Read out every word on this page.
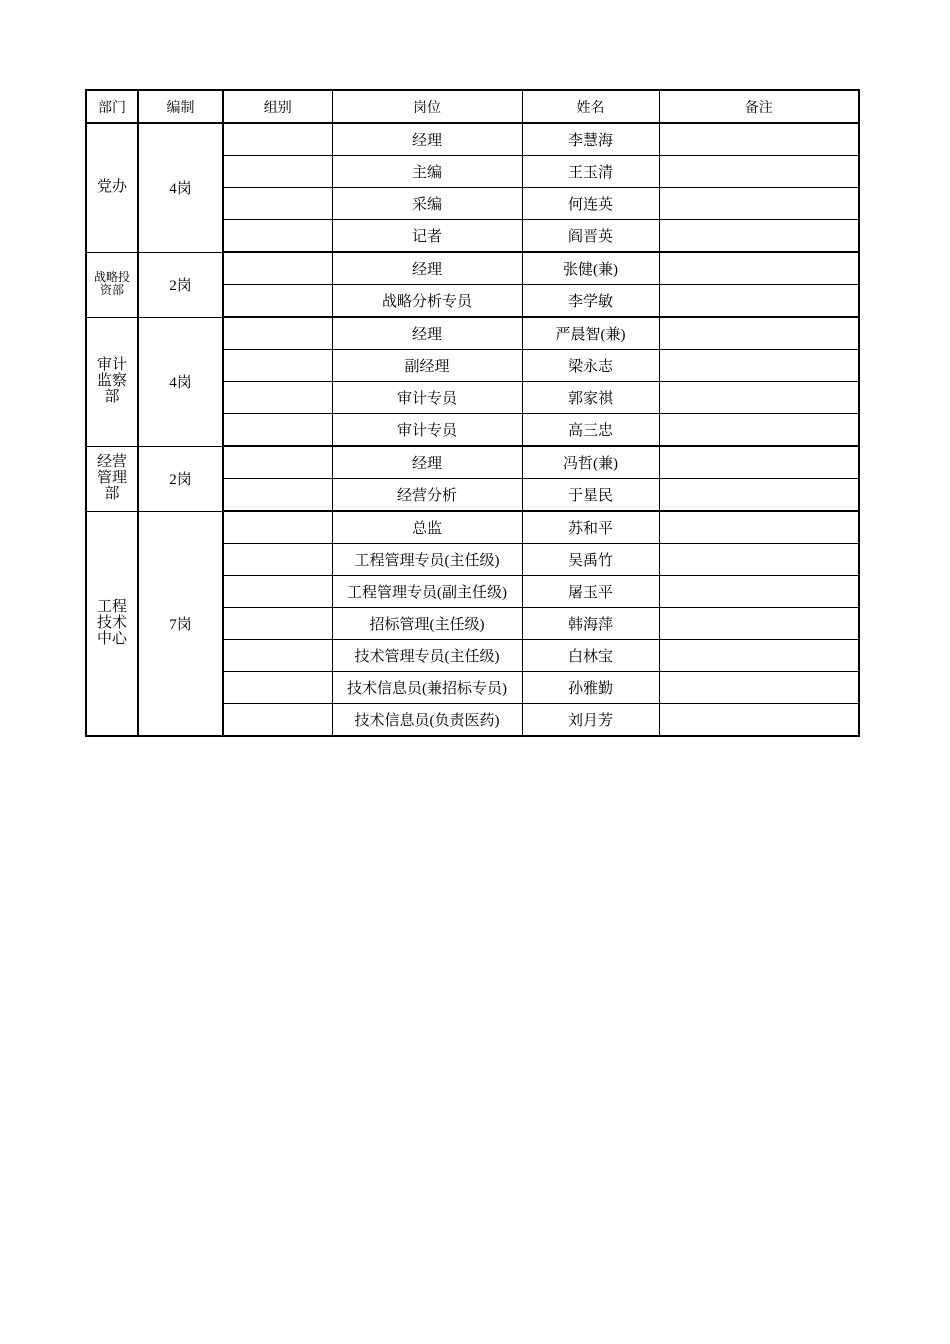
部门	编制	组别	岗位	姓名	备注
党办	4岗		经理	李慧海	
			主编	王玉清	
			采编	何连英	
			记者	阎晋英	
战略投资部	2岗		经理	张健(兼)	
			战略分析专员	李学敏	
审计监察部	4岗		经理	严晨智(兼)	
			副经理	梁永志	
			审计专员	郭家祺	
			审计专员	高三忠	
经营管理部	2岗		经理	冯哲(兼)	
			经营分析	于星民	
工程技术中心	7岗		总监	苏和平	
			工程管理专员(主任级)	吴禹竹	
			工程管理专员(副主任级)	屠玉平	
			招标管理(主任级)	韩海萍	
			技术管理专员(主任级)	白林宝	
			技术信息员(兼招标专员)	孙雅勤	
			技术信息员(负责医药)	刘月芳	
